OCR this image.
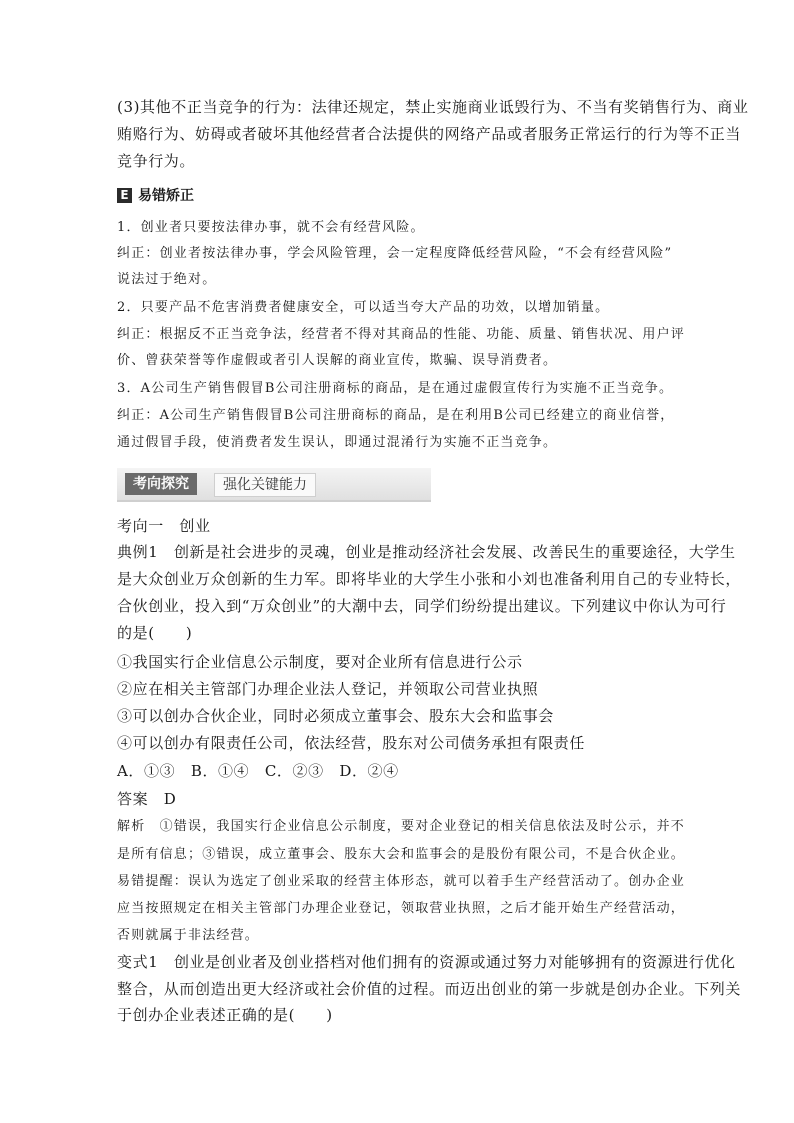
(3)其他不正当竞争的行为：法律还规定，禁止实施商业诋毁行为、不当有奖销售行为、商业
贿赂行为、妨碍或者破坏其他经营者合法提供的网络产品或者服务正常运行的行为等不正当
竞争行为。
E 易错矫正
1．创业者只要按法律办事，就不会有经营风险。
纠正：创业者按法律办事，学会风险管理，会一定程度降低经营风险，“不会有经营风险”
说法过于绝对。
2．只要产品不危害消费者健康安全，可以适当夸大产品的功效，以增加销量。
纠正：根据反不正当竞争法，经营者不得对其商品的性能、功能、质量、销售状况、用户评
价、曾获荣誉等作虚假或者引人误解的商业宣传，欺骗、误导消费者。
3．A公司生产销售假冒B公司注册商标的商品，是在通过虚假宣传行为实施不正当竞争。
纠正：A公司生产销售假冒B公司注册商标的商品，是在利用B公司已经建立的商业信誉，
通过假冒手段，使消费者发生误认，即通过混淆行为实施不正当竞争。
考向探究	强化关键能力
考向一　创业
典例1　创新是社会进步的灵魂，创业是推动经济社会发展、改善民生的重要途径，大学生
是大众创业万众创新的生力军。即将毕业的大学生小张和小刘也准备利用自己的专业特长，
合伙创业，投入到“万众创业”的大潮中去，同学们纷纷提出建议。下列建议中你认为可行
的是(　　)
①我国实行企业信息公示制度，要对企业所有信息进行公示
②应在相关主管部门办理企业法人登记，并领取公司营业执照
③可以创办合伙企业，同时必须成立董事会、股东大会和监事会
④可以创办有限责任公司，依法经营，股东对公司债务承担有限责任
A．①③　B．①④　C．②③　D．②④
答案　D
解析　①错误，我国实行企业信息公示制度，要对企业登记的相关信息依法及时公示，并不
是所有信息；③错误，成立董事会、股东大会和监事会的是股份有限公司，不是合伙企业。
易错提醒：误认为选定了创业采取的经营主体形态，就可以着手生产经营活动了。创办企业
应当按照规定在相关主管部门办理企业登记，领取营业执照，之后才能开始生产经营活动，
否则就属于非法经营。
变式1　创业是创业者及创业搭档对他们拥有的资源或通过努力对能够拥有的资源进行优化
整合，从而创造出更大经济或社会价值的过程。而迈出创业的第一步就是创办企业。下列关
于创办企业表述正确的是(　　)
